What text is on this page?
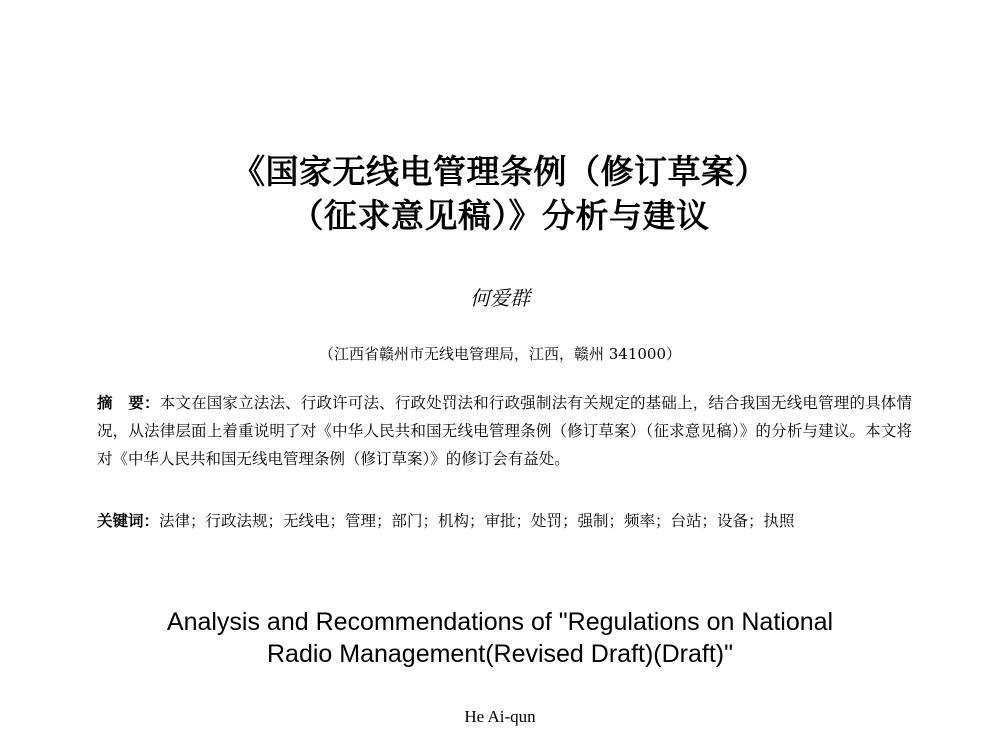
《国家无线电管理条例（修订草案）
（征求意见稿）》分析与建议
何爱群
（江西省赣州市无线电管理局，江西，赣州 341000）
摘　要：本文在国家立法法、行政许可法、行政处罚法和行政强制法有关规定的基础上，结合我国无线电管理的具体情况，从法律层面上着重说明了对《中华人民共和国无线电管理条例（修订草案）（征求意见稿）》的分析与建议。本文将对《中华人民共和国无线电管理条例（修订草案）》的修订会有益处。
关键词：法律；行政法规；无线电；管理；部门；机构；审批；处罚；强制；频率；台站；设备；执照
Analysis and Recommendations of "Regulations on National
Radio Management(Revised Draft)(Draft)"
He Ai-qun
